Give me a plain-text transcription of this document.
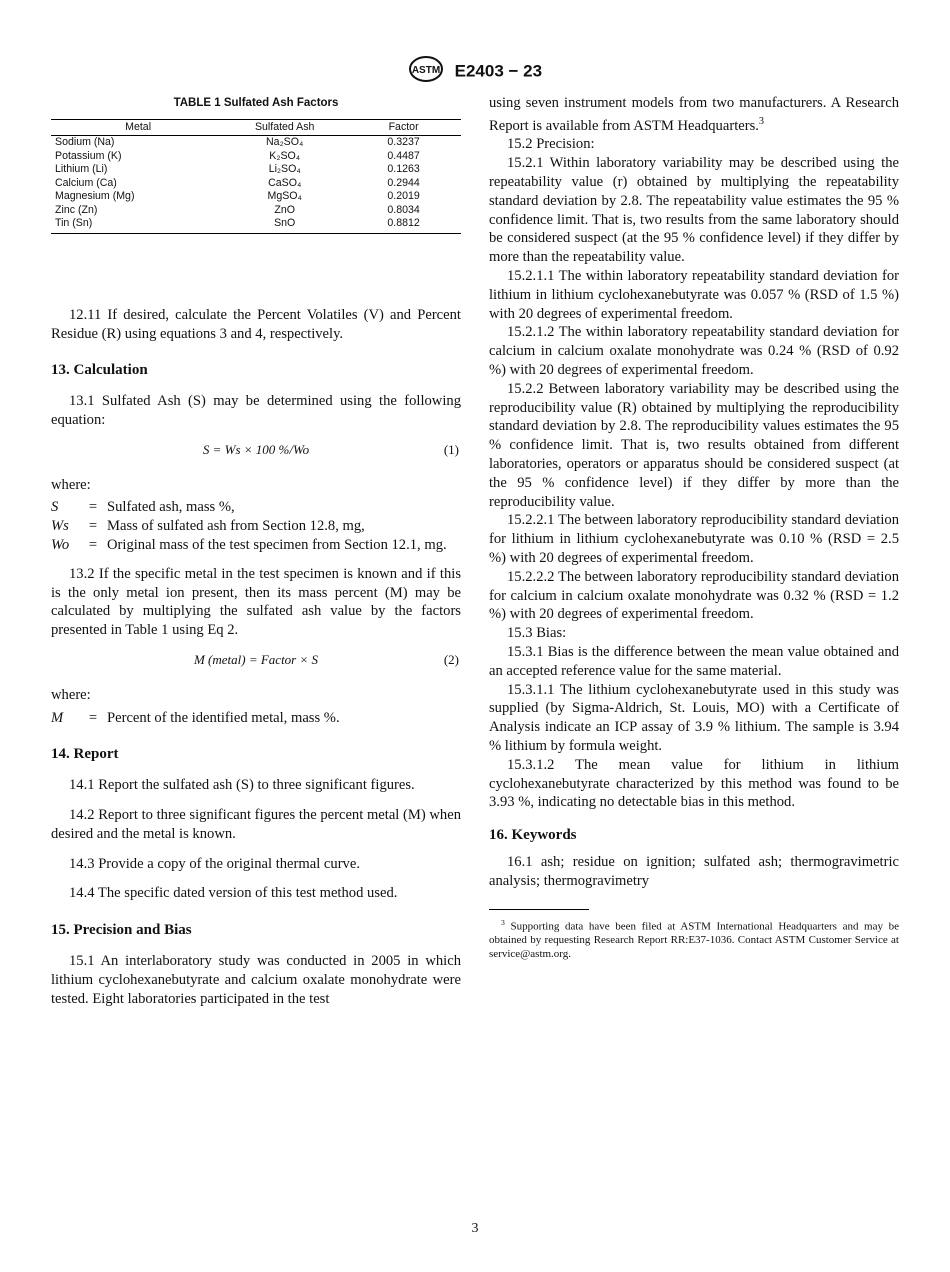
ASTM E2403 − 23
TABLE 1 Sulfated Ash Factors
Metal	Sulfated Ash	Factor
Sodium (Na)	Na₂SO₄	0.3237
Potassium (K)	K₂SO₄	0.4487
Lithium (Li)	Li₂SO₄	0.1263
Calcium (Ca)	CaSO₄	0.2944
Magnesium (Mg)	MgSO₄	0.2019
Zinc (Zn)	ZnO	0.8034
Tin (Sn)	SnO	0.8812

12.11 If desired, calculate the Percent Volatiles (V) and Percent Residue (R) using equations 3 and 4, respectively.

13. Calculation

13.1 Sulfated Ash (S) may be determined using the following equation:

S = Ws × 100 %/Wo	(1)
where:
S	= Sulfated ash, mass %,
Ws	= Mass of sulfated ash from Section 12.8, mg,
Wo	= Original mass of the test specimen from Section 12.1, mg.

13.2 If the specific metal in the test specimen is known and if this is the only metal ion present, then its mass percent (M) may be calculated by multiplying the sulfated ash value by the factors presented in Table 1 using Eq 2.

M (metal) = Factor × S	(2)
where:
M	= Percent of the identified metal, mass %.
14. Report

14.1 Report the sulfated ash (S) to three significant figures.

14.2 Report to three significant figures the percent metal (M) when desired and the metal is known.

14.3 Provide a copy of the original thermal curve.

14.4 The specific dated version of this test method used.

15. Precision and Bias

15.1 An interlaboratory study was conducted in 2005 in which lithium cyclohexanebutyrate and calcium oxalate monohydrate were tested. Eight laboratories participated in the test

using seven instrument models from two manufacturers. A Research Report is available from ASTM Headquarters.$^3$

15.2 Precision:

15.2.1 Within laboratory variability may be described using the repeatability value (r) obtained by multiplying the repeatability standard deviation by 2.8. The repeatability value estimates the 95 % confidence limit. That is, two results from the same laboratory should be considered suspect (at the 95 % confidence level) if they differ by more than the repeatability value.

15.2.1.1 The within laboratory repeatability standard deviation for lithium in lithium cyclohexanebutyrate was 0.057 % (RSD of 1.5 %) with 20 degrees of experimental freedom.

15.2.1.2 The within laboratory repeatability standard deviation for calcium in calcium oxalate monohydrate was 0.24 % (RSD of 0.92 %) with 20 degrees of experimental freedom.

15.2.2 Between laboratory variability may be described using the reproducibility value (R) obtained by multiplying the reproducibility standard deviation by 2.8. The reproducibility values estimates the 95 % confidence limit. That is, two results obtained from different laboratories, operators or apparatus should be considered suspect (at the 95 % confidence level) if they differ by more than the reproducibility value.

15.2.2.1 The between laboratory reproducibility standard deviation for lithium in lithium cyclohexanebutyrate was 0.10 % (RSD = 2.5 %) with 20 degrees of experimental freedom.

15.2.2.2 The between laboratory reproducibility standard deviation for calcium in calcium oxalate monohydrate was 0.32 % (RSD = 1.2 %) with 20 degrees of experimental freedom.

15.3 Bias:

15.3.1 Bias is the difference between the mean value obtained and an accepted reference value for the same material.

15.3.1.1 The lithium cyclohexanebutyrate used in this study was supplied (by Sigma-Aldrich, St. Louis, MO) with a Certificate of Analysis indicate an ICP assay of 3.9 % lithium. The sample is 3.94 % lithium by formula weight.

15.3.1.2 The mean value for lithium in lithium cyclohexanebutyrate characterized by this method was found to be 3.93 %, indicating no detectable bias in this method.

16. Keywords

16.1 ash; residue on ignition; sulfated ash; thermogravimetric analysis; thermogravimetry

$^3$ Supporting data have been filed at ASTM International Headquarters and may be obtained by requesting Research Report RR:E37-1036. Contact ASTM Customer Service at service@astm.org.
3
